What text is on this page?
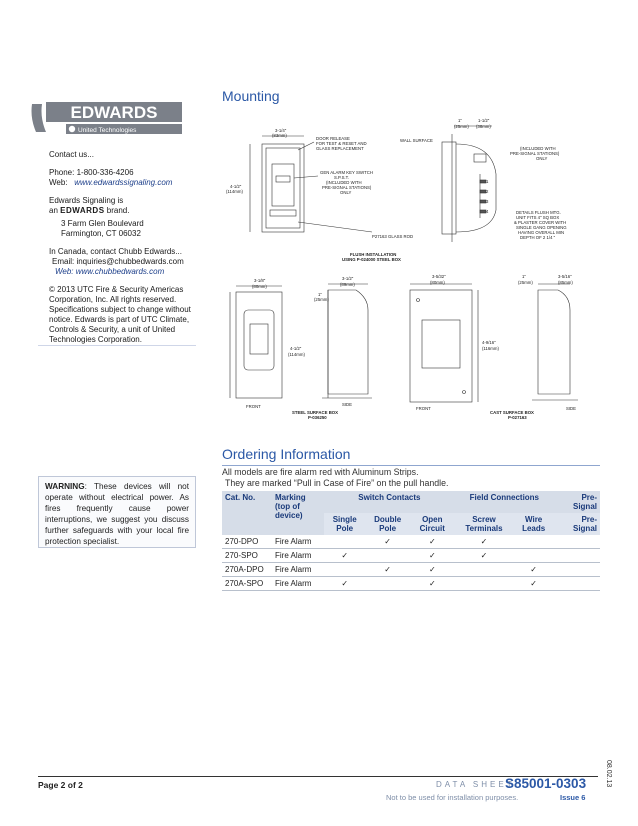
EDWARDS
United Technologies
Contact us...
Phone: 1-800-336-4206
Web: www.edwardssignaling.com
Edwards Signaling is
an EDWARDS brand.
3 Farm Glen Boulevard
Farmington, CT 06032
In Canada, contact Chubb Edwards...
Email: inquiries@chubbedwards.com
Web: www.chubbedwards.com
© 2013 UTC Fire & Security Americas Corporation, Inc. All rights reserved. Specifications subject to change without notice. Edwards is part of UTC Climate, Controls & Security, a unit of United Technologies Corporation.
WARNING: These devices will not operate without electrical power. As fires frequently cause power interruptions, we suggest you discuss further safeguards with your local fire protection specialist.
Mounting
3-1/4"
(83mm)
DOOR RELEASE
FOR TEST & RESET AND
GLASS REPLACEMENT
GEN ALARM KEY SWITCH
S.P.S.T.
(INCLUDED WITH
PRE-SIGNAL STATIONS)
ONLY
4-1/2"
(114mm)
P27163 GLASS ROD
FLUSH INSTALLATION
USING P-024000 STEEL BOX
WALL SURFACE
1"
(25mm)
1-1/2"
(38mm)
(INCLUDED WITH
PRE-SIGNAL STATIONS)
ONLY
1
2
3
4	DETAILS FLUSH MTG.
UNIT FITS 4" SQ BOX
& PLASTER COVER WITH
SINGLE GANG OPENING
HAVING OVERALL MIN
DEPTH OF 2 1/4 "
3-1/8"
(80mm)
3-1/2"
(89mm)
1"
(25mm)
4-1/2"
(114mm)
FRONT	SIDE
STEEL SURFACE BOX
P-036250
3-5/32"
(80mm)
4-9/16"
(116mm)
FRONT
1"
(25mm)
3-5/16"
(85mm)
SIDE
CAST SURFACE BOX
P-027163
Ordering Information
All models are fire alarm red with Aluminum Strips.
They are marked “Pull in Case of Fire” on the pull handle.
Cat. No.	Marking (top of device)	Switch Contacts			Field Connections		Pre- Signal
		Single Pole	Double Pole	Open Circuit	Screw Terminals	Wire Leads	Pre- Signal
270-DPO	Fire Alarm		✓	✓	✓		
270-SPO	Fire Alarm	✓		✓	✓		
270A-DPO	Fire Alarm		✓	✓		✓	
270A-SPO	Fire Alarm	✓		✓		✓	
Page 2 of 2	DATA SHEET
S85001-0303
Not to be used for installation purposes.	Issue 6
08.02.13
